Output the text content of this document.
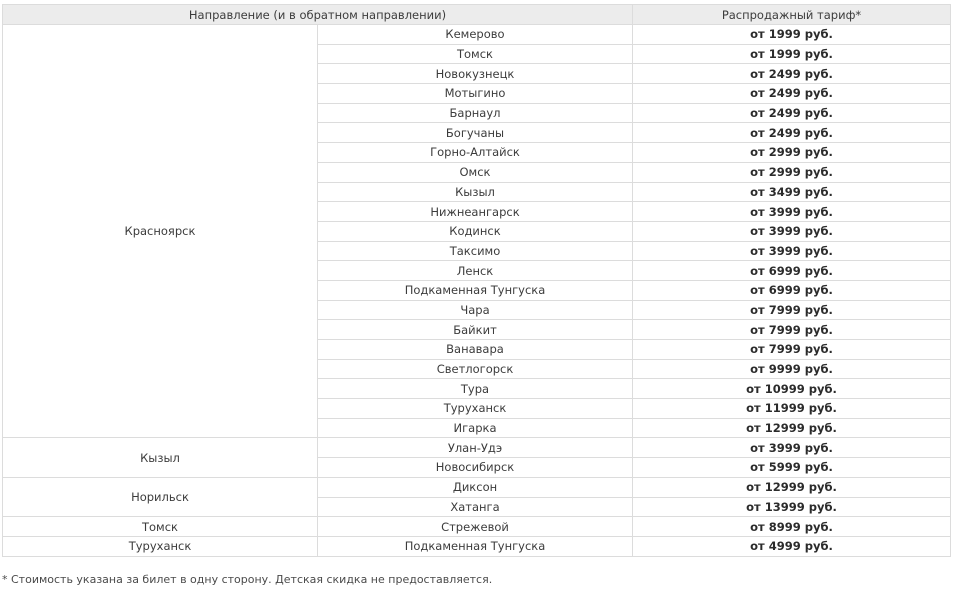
Направление (и в обратном направлении)		Распродажный тариф*
Красноярск	Кемерово	от 1999 руб.
	Томск	от 1999 руб.
	Новокузнецк	от 2499 руб.
	Мотыгино	от 2499 руб.
	Барнаул	от 2499 руб.
	Богучаны	от 2499 руб.
	Горно-Алтайск	от 2999 руб.
	Омск	от 2999 руб.
	Кызыл	от 3499 руб.
	Нижнеангарск	от 3999 руб.
	Кодинск	от 3999 руб.
	Таксимо	от 3999 руб.
	Ленск	от 6999 руб.
	Подкаменная Тунгуска	от 6999 руб.
	Чара	от 7999 руб.
	Байкит	от 7999 руб.
	Ванавара	от 7999 руб.
	Светлогорск	от 9999 руб.
	Тура	от 10999 руб.
	Туруханск	от 11999 руб.
	Игарка	от 12999 руб.
Кызыл	Улан-Удэ	от 3999 руб.
	Новосибирск	от 5999 руб.
Норильск	Диксон	от 12999 руб.
	Хатанга	от 13999 руб.
Томск	Стрежевой	от 8999 руб.
Туруханск	Подкаменная Тунгуска	от 4999 руб.
* Стоимость указана за билет в одну сторону. Детская скидка не предоставляется.
